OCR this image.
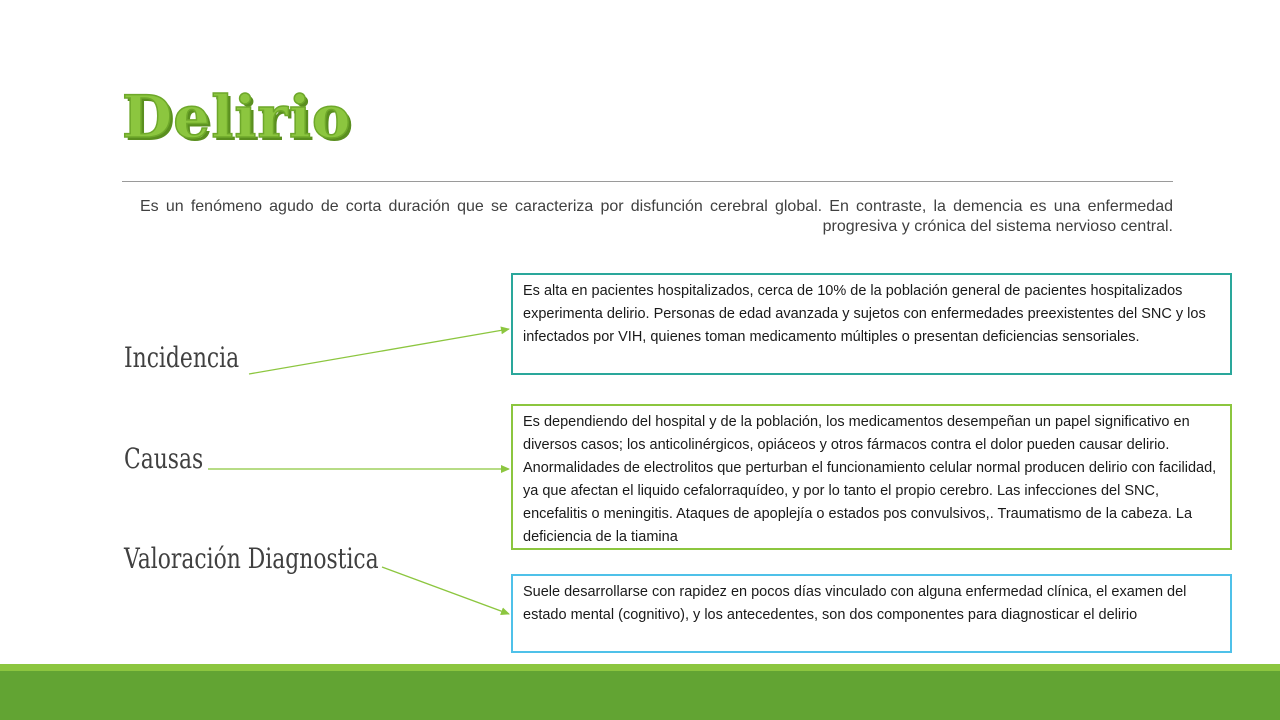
Delirio
Es un fenómeno agudo de corta duración que se caracteriza por disfunción cerebral global. En contraste, la demencia es una enfermedad progresiva y crónica del sistema nervioso central.
Incidencia
Causas
Valoración Diagnostica
Es alta en pacientes hospitalizados, cerca de 10% de la población general de pacientes hospitalizados experimenta delirio. Personas de edad avanzada y sujetos con enfermedades preexistentes del SNC y los infectados por VIH, quienes toman medicamento múltiples o presentan deficiencias sensoriales.
Es dependiendo del hospital y de la población, los medicamentos desempeñan un papel significativo en diversos casos; los anticolinérgicos, opiáceos y otros fármacos contra el dolor pueden causar delirio. Anormalidades de electrolitos que perturban el funcionamiento celular normal producen delirio con facilidad, ya que afectan el liquido cefalorraquídeo, y por lo tanto el propio cerebro. Las infecciones del SNC, encefalitis o meningitis. Ataques de apoplejía o estados pos convulsivos,. Traumatismo de la cabeza. La deficiencia de la tiamina
Suele desarrollarse con rapidez en pocos días vinculado con alguna enfermedad clínica, el examen del estado mental (cognitivo), y los antecedentes, son dos componentes para diagnosticar el delirio
